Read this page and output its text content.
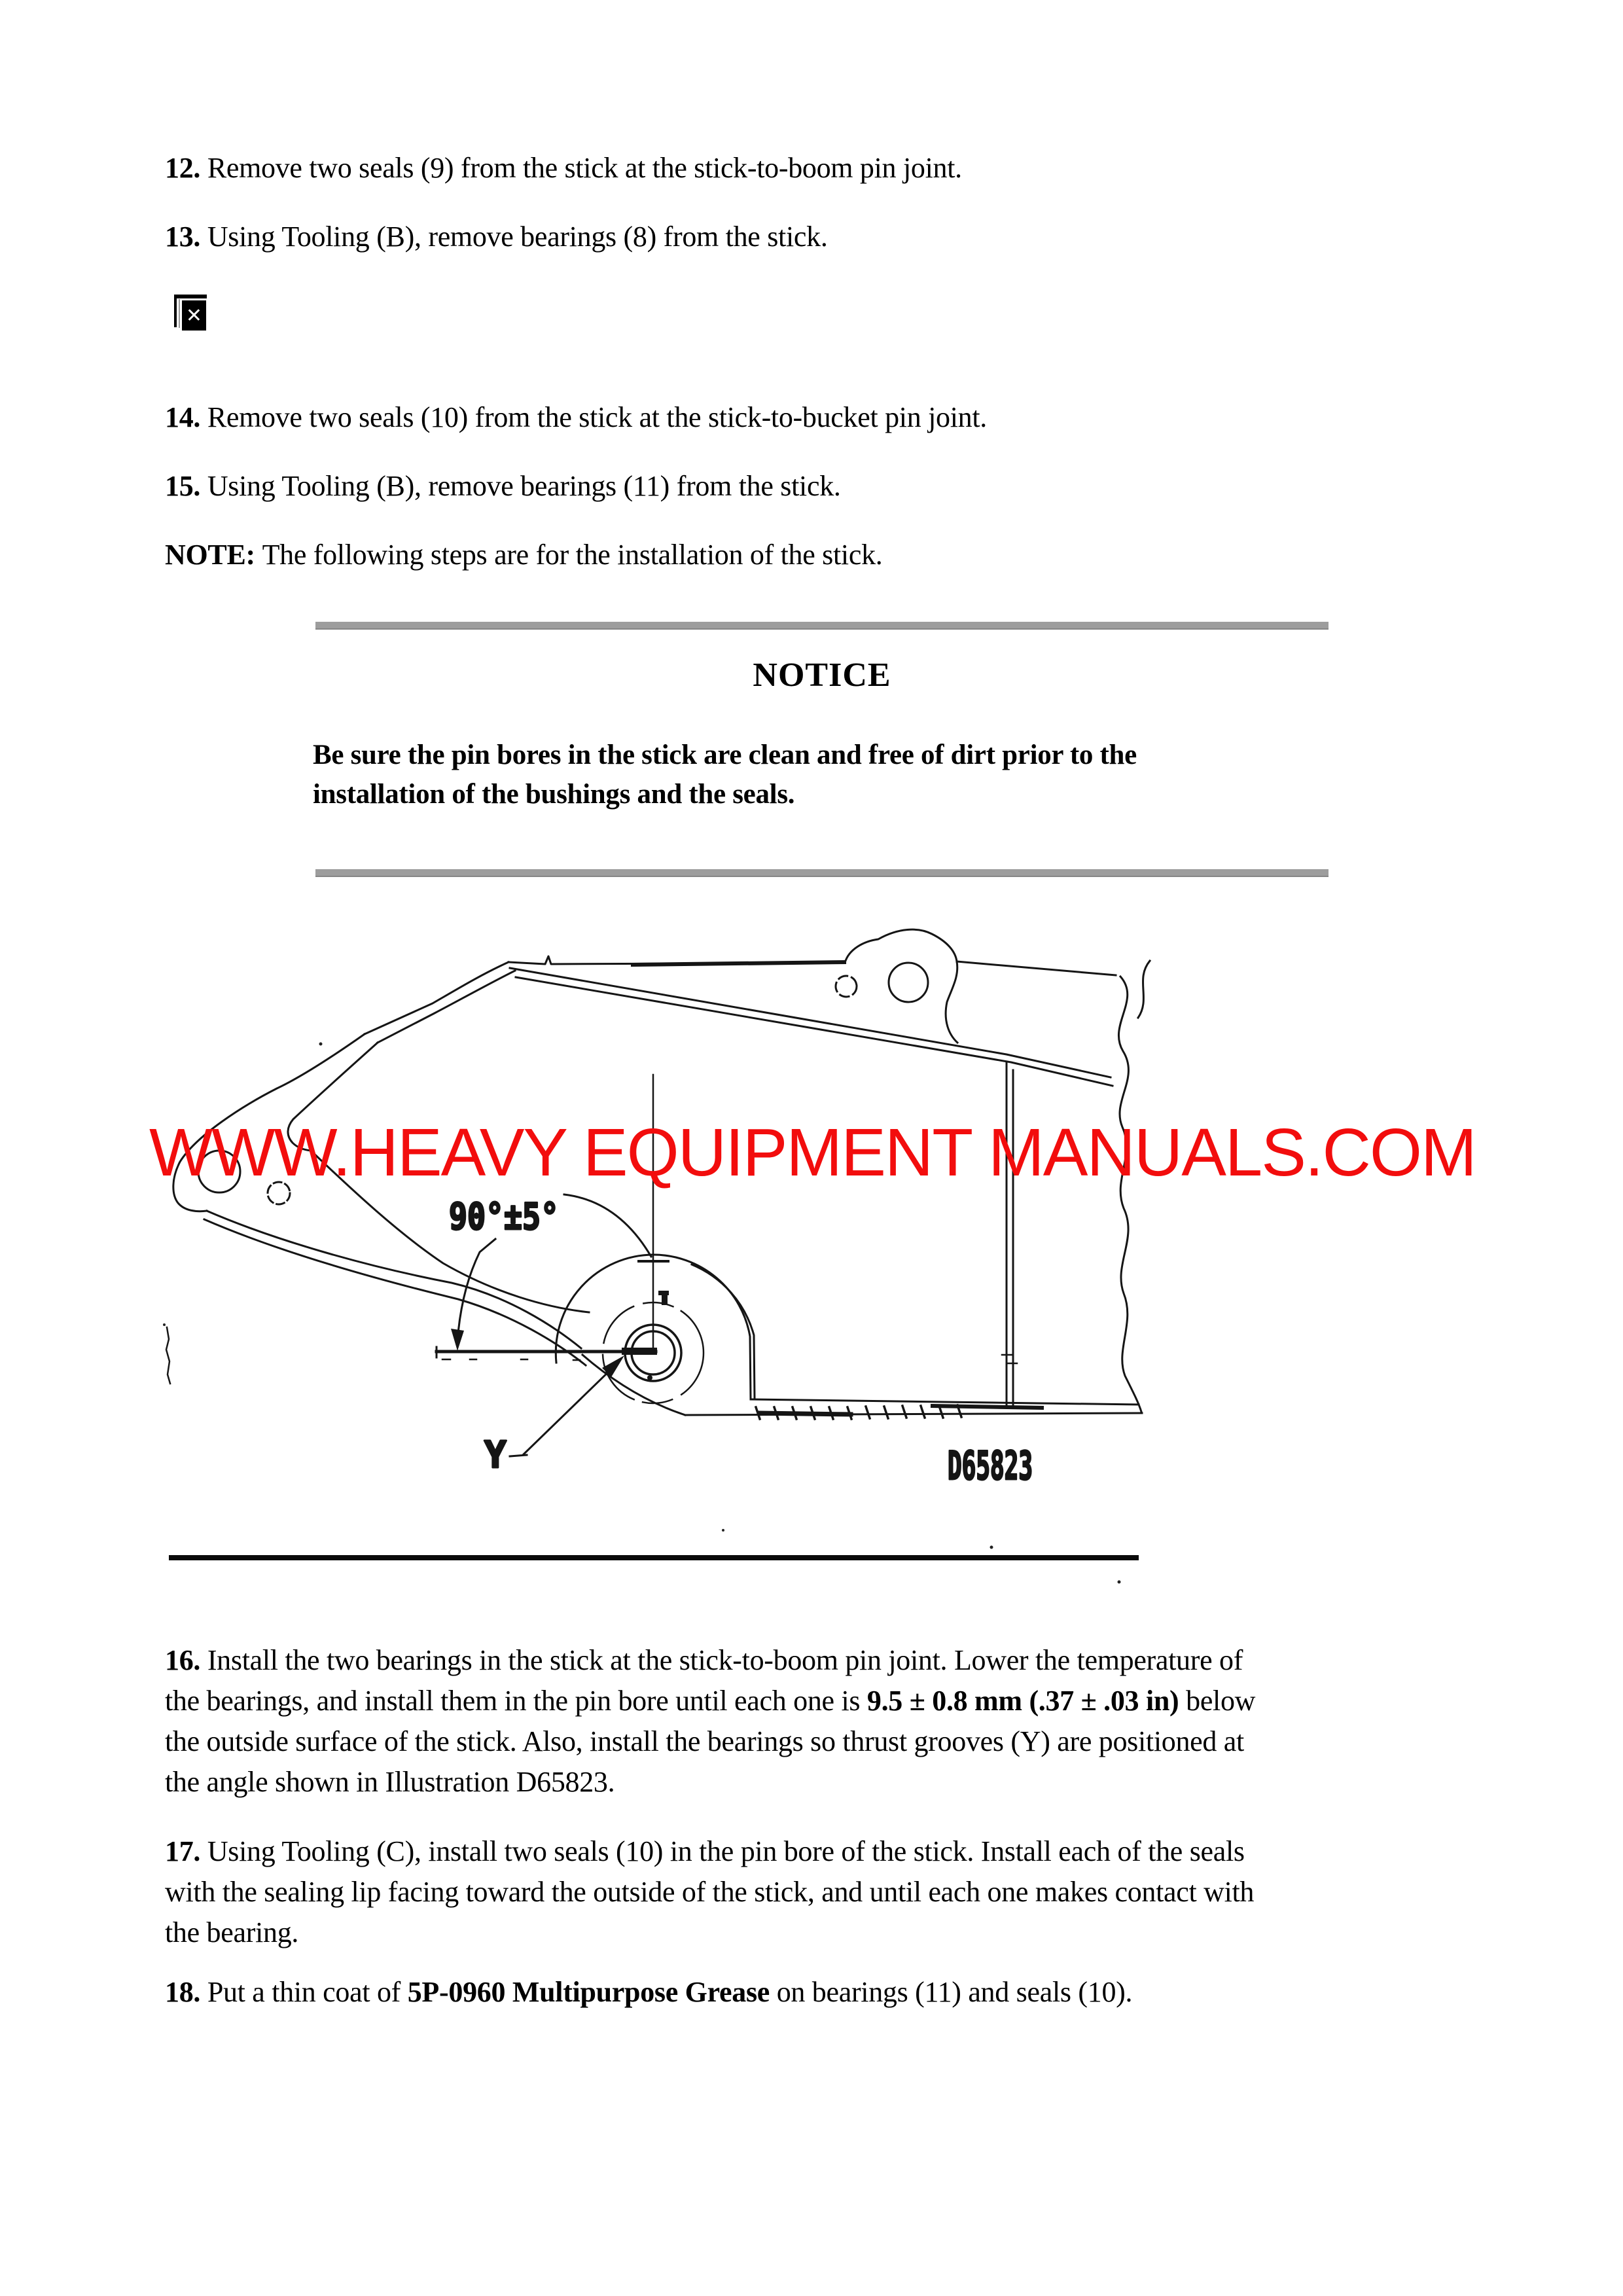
12. Remove two seals (9) from the stick at the stick-to-boom pin joint.
13. Using Tooling (B), remove bearings (8) from the stick.
✕
14. Remove two seals (10) from the stick at the stick-to-bucket pin joint.
15. Using Tooling (B), remove bearings (11) from the stick.
NOTE: The following steps are for the installation of the stick.
NOTICE
Be sure the pin bores in the stick are clean and free of dirt prior to the
installation of the bushings and the seals.
90°±5°
Y	D65823
WWW.HEAVY EQUIPMENT MANUALS.COM
16. Install the two bearings in the stick at the stick-to-boom pin joint. Lower the temperature of
the bearings, and install them in the pin bore until each one is 9.5 ± 0.8 mm (.37 ± .03 in) below
the outside surface of the stick. Also, install the bearings so thrust grooves (Y) are positioned at
the angle shown in Illustration D65823.
17. Using Tooling (C), install two seals (10) in the pin bore of the stick. Install each of the seals
with the sealing lip facing toward the outside of the stick, and until each one makes contact with
the bearing.
18. Put a thin coat of 5P-0960 Multipurpose Grease on bearings (11) and seals (10).
